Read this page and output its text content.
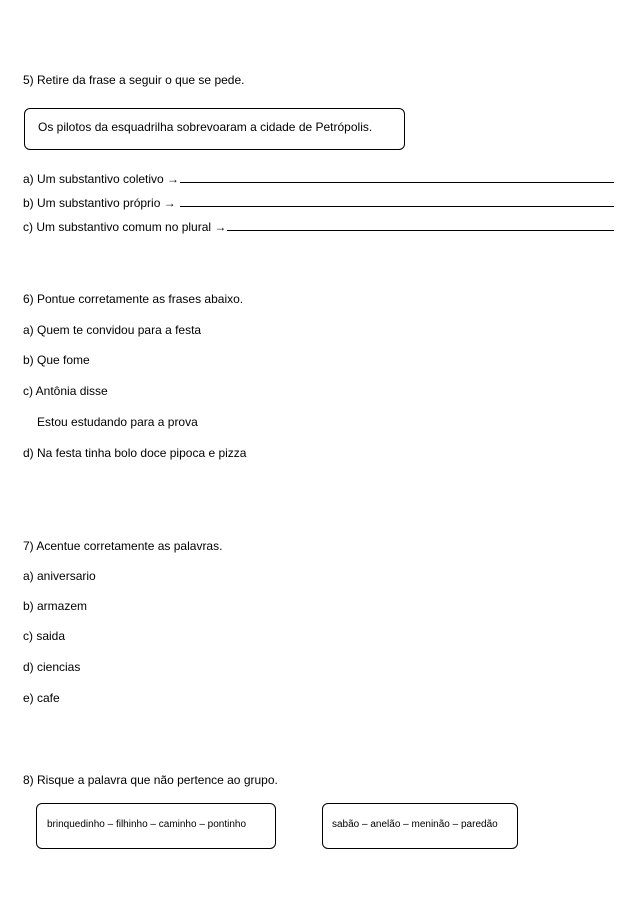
5) Retire da frase a seguir o que se pede.
Os pilotos da esquadrilha sobrevoaram a cidade de Petrópolis.
a) Um substantivo coletivo →
b) Um substantivo próprio →
c) Um substantivo comum no plural →
6) Pontue corretamente as frases abaixo.
a) Quem te convidou para a festa
b) Que fome
c) Antônia disse
Estou estudando para a prova
d) Na festa tinha bolo doce pipoca e pizza
7) Acentue corretamente as palavras.
a) aniversario
b) armazem
c) saida
d) ciencias
e) cafe
8) Risque a palavra que não pertence ao grupo.
brinquedinho – filhinho – caminho – pontinho	sabão – anelão – meninão – paredão
